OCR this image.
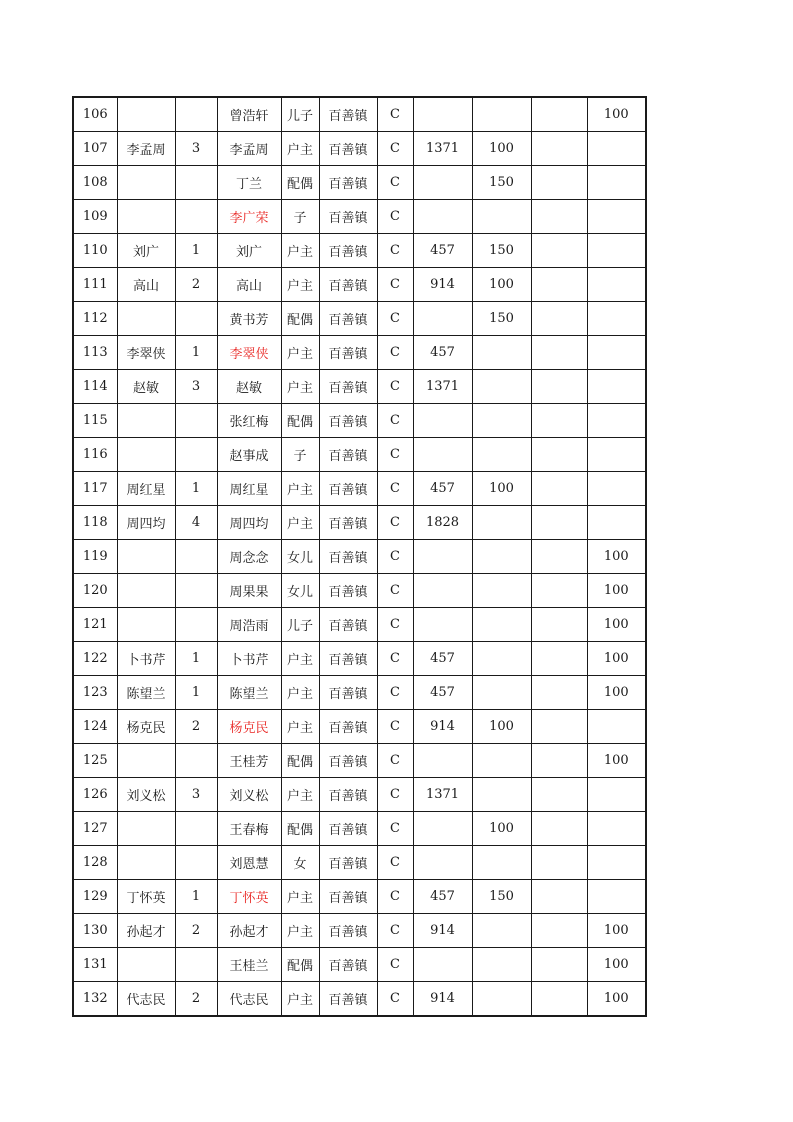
106			曾浩轩	儿子	百善镇	C				100
107	李孟周	3	李孟周	户主	百善镇	C	1371	100		
108			丁兰	配偶	百善镇	C		150		
109			李广荣	子	百善镇	C				
110	刘广	1	刘广	户主	百善镇	C	457	150		
111	高山	2	高山	户主	百善镇	C	914	100		
112			黄书芳	配偶	百善镇	C		150		
113	李翠侠	1	李翠侠	户主	百善镇	C	457			
114	赵敏	3	赵敏	户主	百善镇	C	1371			
115			张红梅	配偶	百善镇	C				
116			赵事成	子	百善镇	C				
117	周红星	1	周红星	户主	百善镇	C	457	100		
118	周四均	4	周四均	户主	百善镇	C	1828			
119			周念念	女儿	百善镇	C				100
120			周果果	女儿	百善镇	C				100
121			周浩雨	儿子	百善镇	C				100
122	卜书芹	1	卜书芹	户主	百善镇	C	457			100
123	陈望兰	1	陈望兰	户主	百善镇	C	457			100
124	杨克民	2	杨克民	户主	百善镇	C	914	100		
125			王桂芳	配偶	百善镇	C				100
126	刘义松	3	刘义松	户主	百善镇	C	1371			
127			王春梅	配偶	百善镇	C		100		
128			刘恩慧	女	百善镇	C				
129	丁怀英	1	丁怀英	户主	百善镇	C	457	150		
130	孙起才	2	孙起才	户主	百善镇	C	914			100
131			王桂兰	配偶	百善镇	C				100
132	代志民	2	代志民	户主	百善镇	C	914			100
